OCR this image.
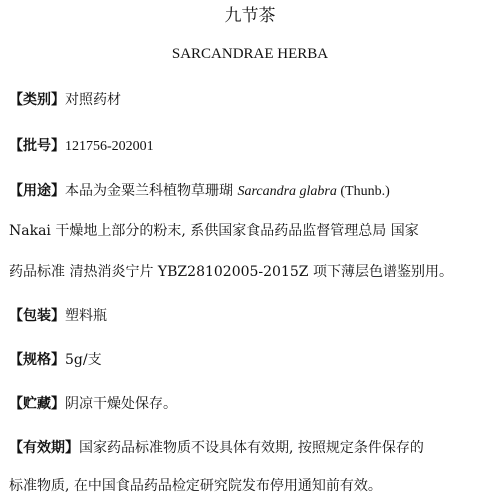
九节茶
SARCANDRAE HERBA
【类别】对照药材
【批号】121756-202001
【用途】本品为金粟兰科植物草珊瑚 Sarcandra glabra (Thunb.)
Nakai 干燥地上部分的粉末, 系供国家食品药品监督管理总局 国家
药品标准 清热消炎宁片 YBZ28102005-2015Z 项下薄层色谱鉴别用。
【包装】塑料瓶
【规格】5g/支
【贮藏】阴凉干燥处保存。
【有效期】国家药品标准物质不设具体有效期, 按照规定条件保存的
标准物质, 在中国食品药品检定研究院发布停用通知前有效。
